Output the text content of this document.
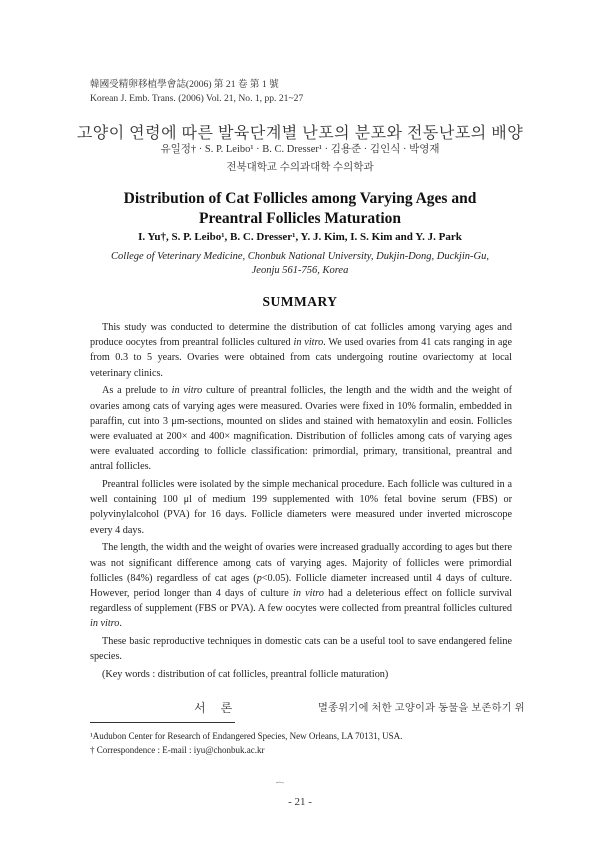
韓國受精卵移植學會誌(2006) 第 21 卷 第 1 號
Korean J. Emb. Trans. (2006) Vol. 21, No. 1, pp. 21~27
고양이 연령에 따른 발육단계별 난포의 분포와 전동난포의 배양
유일정† · S. P. Leibo¹ · B. C. Dresser¹ · 김용준 · 김인식 · 박영재
전북대학교 수의과대학 수의학과
Distribution of Cat Follicles among Varying Ages and
Preantral Follicles Maturation
I. Yu†, S. P. Leibo¹, B. C. Dresser¹, Y. J. Kim, I. S. Kim and Y. J. Park
College of Veterinary Medicine, Chonbuk National University, Dukjin-Dong, Duckjin-Gu,
Jeonju 561-756, Korea
SUMMARY

This study was conducted to determine the distribution of cat follicles among varying ages and produce oocytes from preantral follicles cultured in vitro. We used ovaries from 41 cats ranging in age from 0.3 to 5 years. Ovaries were obtained from cats undergoing routine ovariectomy at local veterinary clinics.

As a prelude to in vitro culture of preantral follicles, the length and the width and the weight of ovaries among cats of varying ages were measured. Ovaries were fixed in 10% formalin, embedded in paraffin, cut into 3 μm-sections, mounted on slides and stained with hematoxylin and eosin. Follicles were evaluated at 200× and 400× magnification. Distribution of follicles among cats of varying ages were evaluated according to follicle classification: primordial, primary, transitional, preantral and antral follicles.

Preantral follicles were isolated by the simple mechanical procedure. Each follicle was cultured in a well containing 100 μl of medium 199 supplemented with 10% fetal bovine serum (FBS) or polyvinylalcohol (PVA) for 16 days. Follicle diameters were measured under inverted microscope every 4 days.

The length, the width and the weight of ovaries were increased gradually according to ages but there was not significant difference among cats of varying ages. Majority of follicles were primordial follicles (84%) regardless of cat ages (p<0.05). Follicle diameter increased until 4 days of culture. However, period longer than 4 days of culture in vitro had a deleterious effect on follicle survival regardless of supplement (FBS or PVA). A few oocytes were collected from preantral follicles cultured in vitro.

These basic reproductive techniques in domestic cats can be a useful tool to save endangered feline species.

(Key words : distribution of cat follicles, preantral follicle maturation)

서 론	멸종위기에 처한 고양이과 동물을 보존하기 위
¹Audubon Center for Research of Endangered Species, New Orleans, LA 70131, USA.
† Correspondence : E-mail : iyu@chonbuk.ac.kr
- 21 -
